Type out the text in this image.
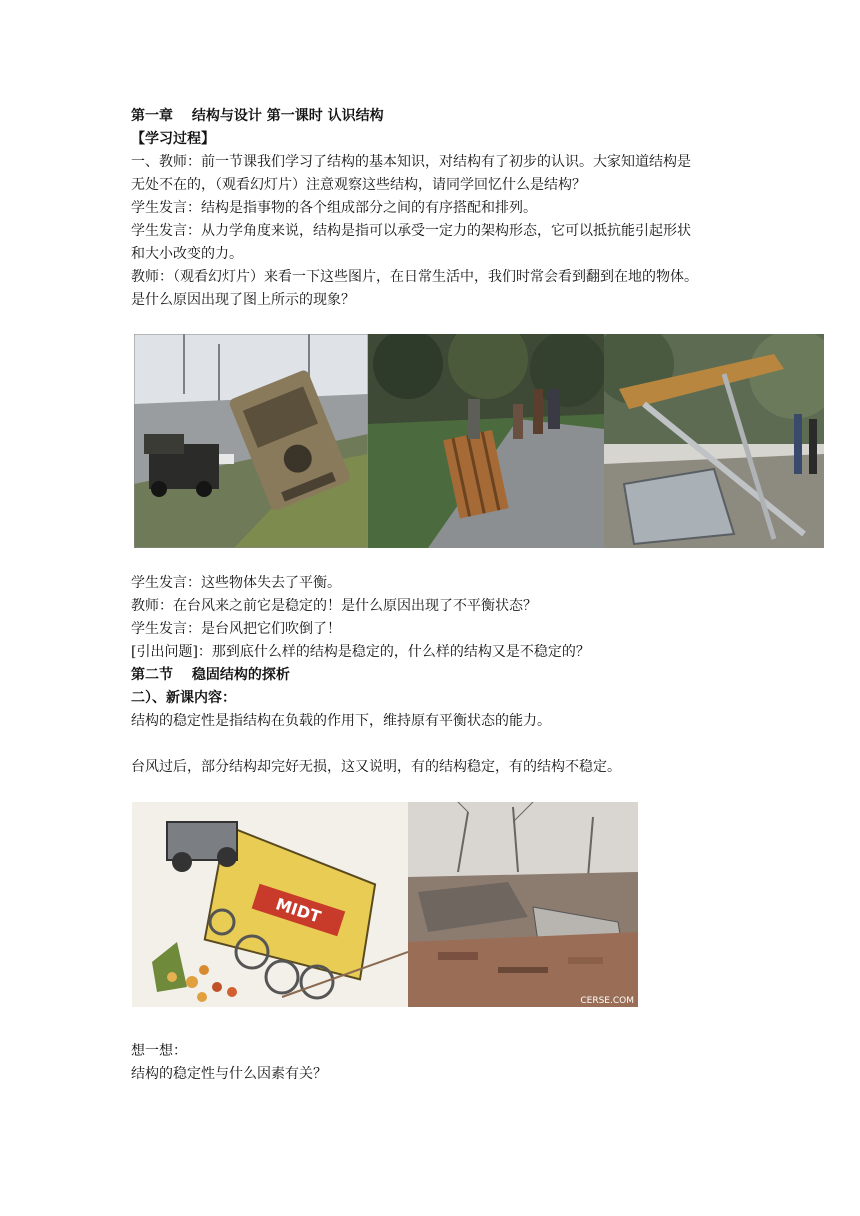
第一章　 结构与设计 第一课时 认识结构
【学习过程】
一、教师：前一节课我们学习了结构的基本知识，对结构有了初步的认识。大家知道结构是
无处不在的，（观看幻灯片）注意观察这些结构，请同学回忆什么是结构？
学生发言：结构是指事物的各个组成部分之间的有序搭配和排列。
学生发言：从力学角度来说，结构是指可以承受一定力的架构形态，它可以抵抗能引起形状
和大小改变的力。
教师：（观看幻灯片）来看一下这些图片，在日常生活中，我们时常会看到翻到在地的物体。
是什么原因出现了图上所示的现象？
学生发言：这些物体失去了平衡。
教师：在台风来之前它是稳定的！是什么原因出现了不平衡状态？
学生发言：是台风把它们吹倒了！
[引出问题]：那到底什么样的结构是稳定的，什么样的结构又是不稳定的？
第二节　 稳固结构的探析
二）、新课内容：
结构的稳定性是指结构在负载的作用下，维持原有平衡状态的能力。
台风过后，部分结构却完好无损，这又说明，有的结构稳定，有的结构不稳定。
MIDT
CERSE.COM
想一想：
结构的稳定性与什么因素有关？
